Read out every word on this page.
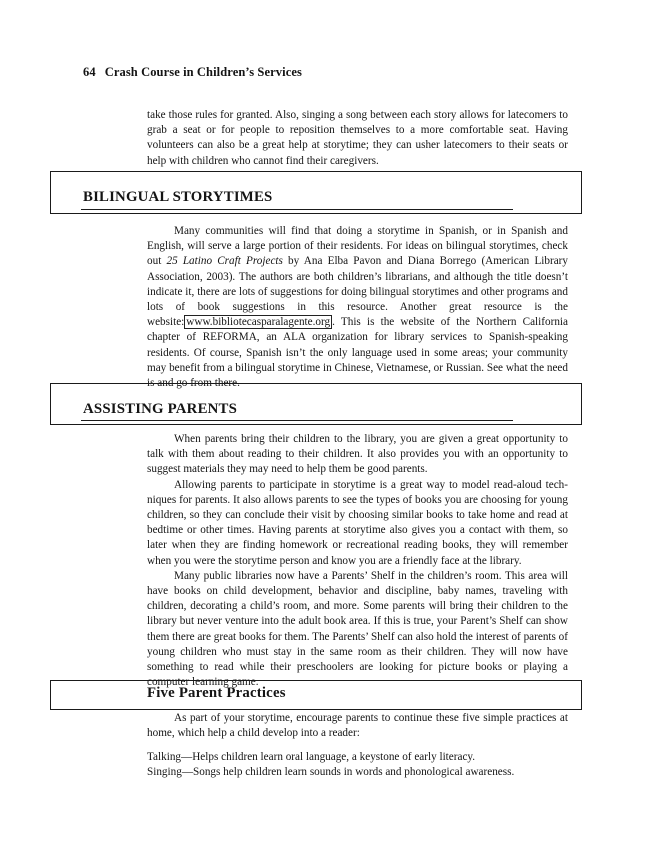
64 Crash Course in Children’s Services

take those rules for granted. Also, singing a song between each story allows for latecomers to grab a seat or for people to reposition themselves to a more comfortable seat. Having volunteers can also be a great help at storytime; they can usher latecomers to their seats or help with children who cannot find their caregivers.

BILINGUAL STORYTIMES

Many communities will find that doing a storytime in Spanish, or in Spanish and English, will serve a large portion of their residents. For ideas on bilingual storytimes, check out 25 Latino Craft Projects by Ana Elba Pavon and Diana Borrego (American Library Association, 2003). The authors are both children’s librarians, and although the title doesn’t indicate it, there are lots of suggestions for doing bilingual storytimes and other programs and lots of book suggestions in this resource. Another great resource is the website: www.bibliotecasparalagente.org . This is the website of the Northern California chapter of REFORMA, an ALA organization for library services to Spanish-speaking residents. Of course, Spanish isn’t the only language used in some areas; your community may benefit from a bilingual storytime in Chinese, Vietnamese, or Russian. See what the need is and go from there.

ASSISTING PARENTS

When parents bring their children to the library, you are given a great opportunity to talk with them about reading to their children. It also provides you with an opportunity to suggest materials they may need to help them be good parents.

Allowing parents to participate in storytime is a great way to model read-aloud techniques for parents. It also allows parents to see the types of books you are choosing for young children, so they can conclude their visit by choosing similar books to take home and read at bedtime or other times. Having parents at storytime also gives you a contact with them, so later when they are finding homework or recreational reading books, they will remember when you were the storytime person and know you are a friendly face at the library.

Many public libraries now have a Parents’ Shelf in the children’s room. This area will have books on child development, behavior and discipline, baby names, traveling with children, decorating a child’s room, and more. Some parents will bring their children to the library but never venture into the adult book area. If this is true, your Parent’s Shelf can show them there are great books for them. The Parents’ Shelf can also hold the interest of parents of young children who must stay in the same room as their children. They will now have something to read while their preschoolers are looking for picture books or playing a computer learning game.

Five Parent Practices

As part of your storytime, encourage parents to continue these five simple practices at home, which help a child develop into a reader:

Talking—Helps children learn oral language, a keystone of early literacy.
Singing—Songs help children learn sounds in words and phonological awareness.
